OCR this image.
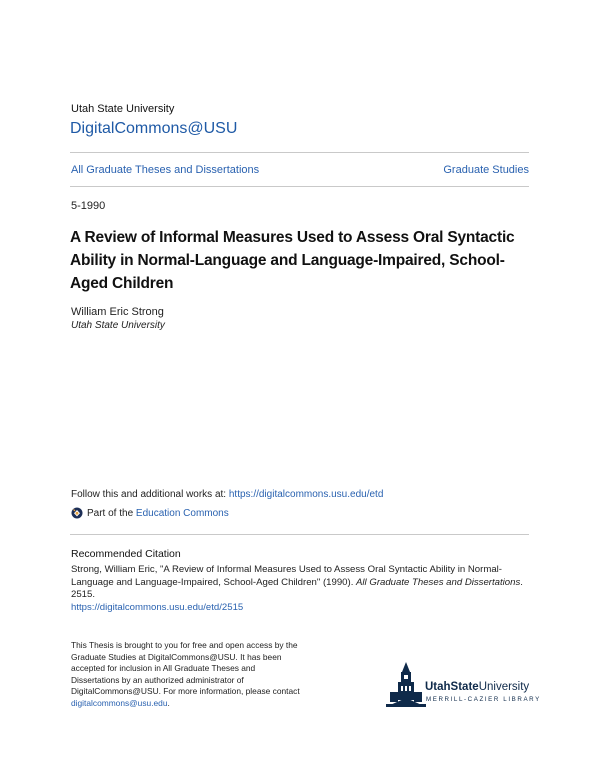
Utah State University
DigitalCommons@USU
All Graduate Theses and Dissertations	Graduate Studies
5-1990
A Review of Informal Measures Used to Assess Oral Syntactic Ability in Normal-Language and Language-Impaired, School-Aged Children
William Eric Strong
Utah State University
Follow this and additional works at: https://digitalcommons.usu.edu/etd
Part of the Education Commons
Recommended Citation
Strong, William Eric, "A Review of Informal Measures Used to Assess Oral Syntactic Ability in Normal-Language and Language-Impaired, School-Aged Children" (1990). All Graduate Theses and Dissertations. 2515.
https://digitalcommons.usu.edu/etd/2515
This Thesis is brought to you for free and open access by the Graduate Studies at DigitalCommons@USU. It has been accepted for inclusion in All Graduate Theses and Dissertations by an authorized administrator of DigitalCommons@USU. For more information, please contact digitalcommons@usu.edu.
UtahStateUniversity
MERRILL-CAZIER LIBRARY
